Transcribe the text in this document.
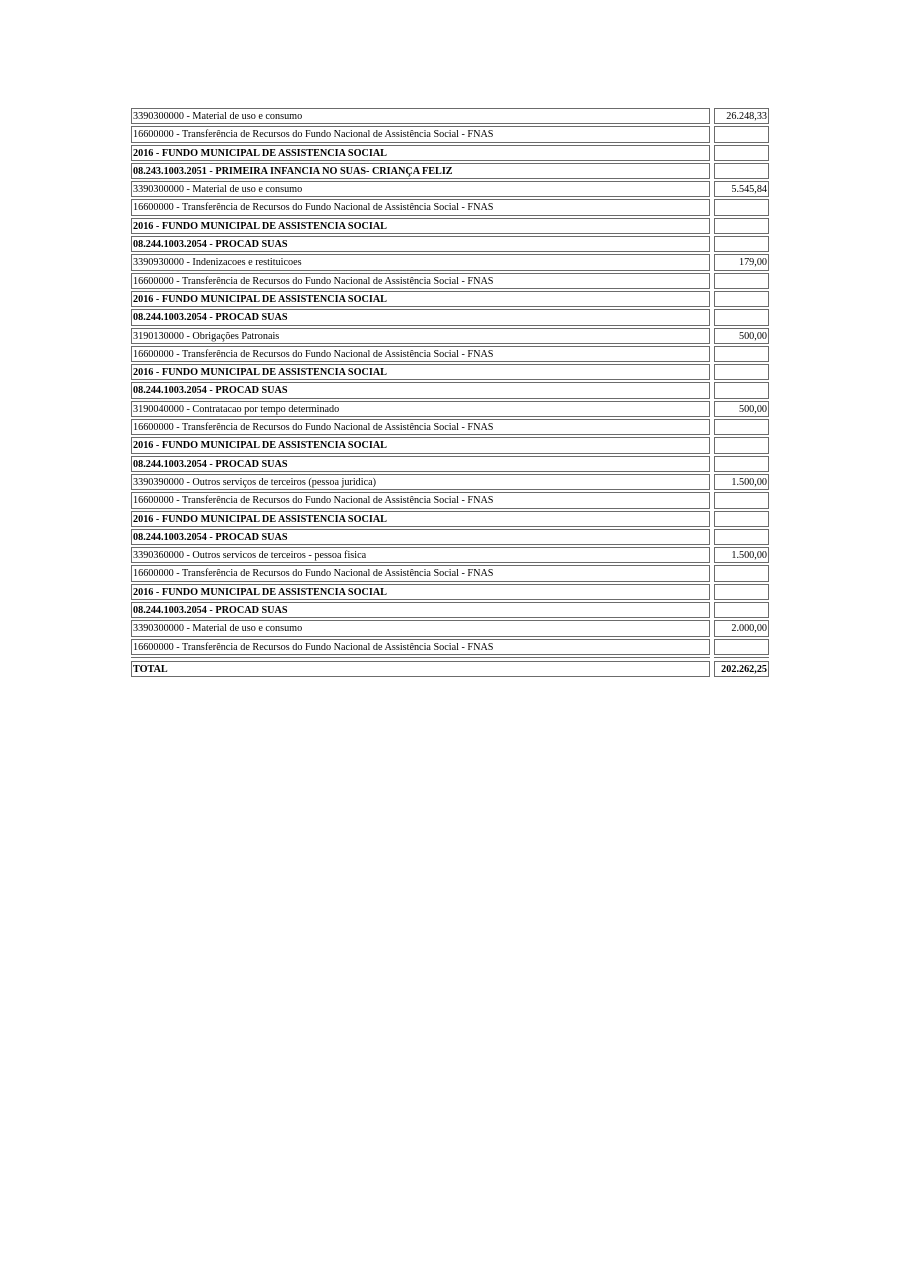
3390300000 - Material de uso e consumo	26.248,33
16600000 - Transferência de Recursos do Fundo Nacional de Assistência Social - FNAS
2016 - FUNDO MUNICIPAL DE ASSISTENCIA SOCIAL
08.243.1003.2051 - PRIMEIRA INFANCIA NO SUAS- CRIANÇA FELIZ
3390300000 - Material de uso e consumo	5.545,84
16600000 - Transferência de Recursos do Fundo Nacional de Assistência Social - FNAS
2016 - FUNDO MUNICIPAL DE ASSISTENCIA SOCIAL
08.244.1003.2054 - PROCAD SUAS
3390930000 - Indenizacoes e restituicoes	179,00
16600000 - Transferência de Recursos do Fundo Nacional de Assistência Social - FNAS
2016 - FUNDO MUNICIPAL DE ASSISTENCIA SOCIAL
08.244.1003.2054 - PROCAD SUAS
3190130000 - Obrigações Patronais	500,00
16600000 - Transferência de Recursos do Fundo Nacional de Assistência Social - FNAS
2016 - FUNDO MUNICIPAL DE ASSISTENCIA SOCIAL
08.244.1003.2054 - PROCAD SUAS
3190040000 - Contratacao por tempo determinado	500,00
16600000 - Transferência de Recursos do Fundo Nacional de Assistência Social - FNAS
2016 - FUNDO MUNICIPAL DE ASSISTENCIA SOCIAL
08.244.1003.2054 - PROCAD SUAS
3390390000 - Outros serviços de terceiros (pessoa juridica)	1.500,00
16600000 - Transferência de Recursos do Fundo Nacional de Assistência Social - FNAS
2016 - FUNDO MUNICIPAL DE ASSISTENCIA SOCIAL
08.244.1003.2054 - PROCAD SUAS
3390360000 - Outros servicos de terceiros - pessoa fisica	1.500,00
16600000 - Transferência de Recursos do Fundo Nacional de Assistência Social - FNAS
2016 - FUNDO MUNICIPAL DE ASSISTENCIA SOCIAL
08.244.1003.2054 - PROCAD SUAS
3390300000 - Material de uso e consumo	2.000,00
16600000 - Transferência de Recursos do Fundo Nacional de Assistência Social - FNAS
TOTAL	202.262,25
